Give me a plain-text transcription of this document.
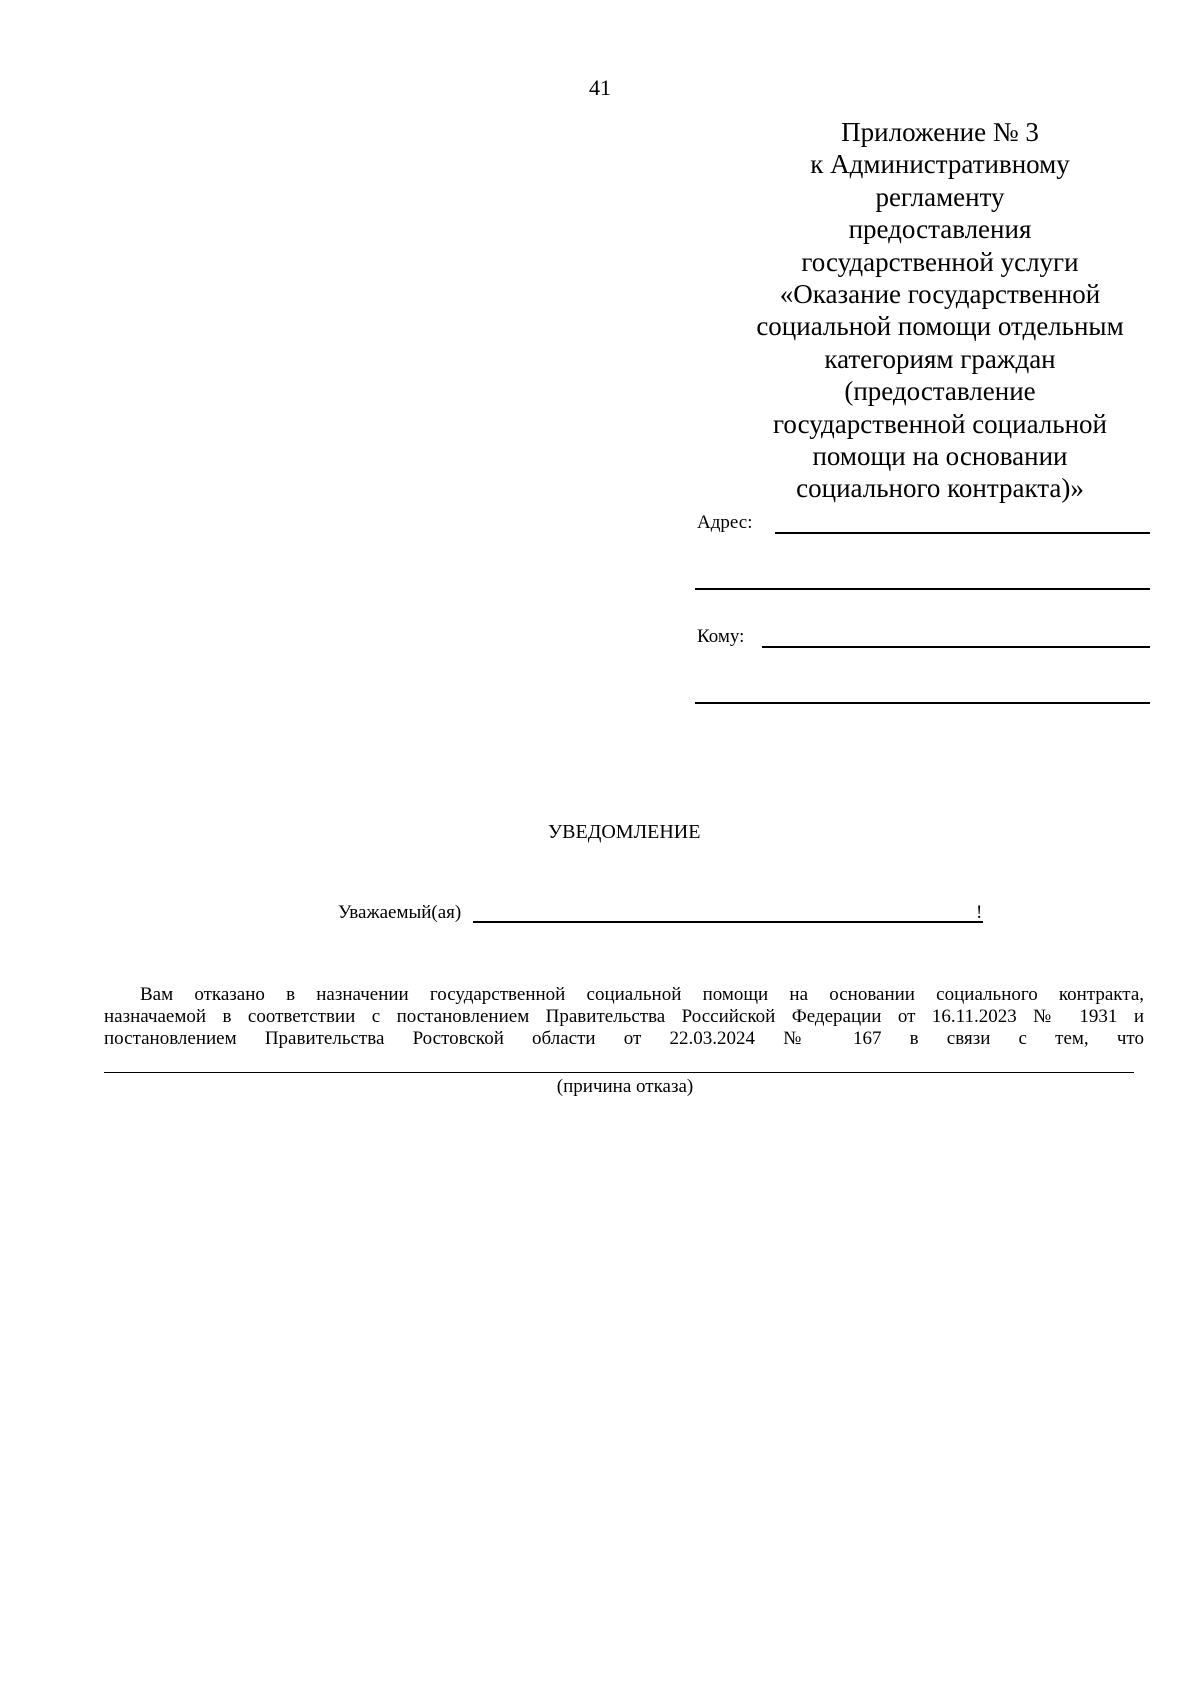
41
Приложение № 3
к Административному
регламенту
предоставления
государственной услуги
«Оказание государственной
социальной помощи отдельным
категориям граждан
(предоставление
государственной социальной
помощи на основании
социального контракта)»
Адрес:
Кому:
УВЕДОМЛЕНИЕ
Уважаемый(ая)	!
Вам отказано в назначении государственной социальной помощи на основании социального контракта,
назначаемой в соответствии с постановлением Правительства Российской Федерации от 16.11.2023 № 1931 и
постановлением Правительства Ростовской области от 22.03.2024 № 167 в связи с тем, что
(причина отказа)
